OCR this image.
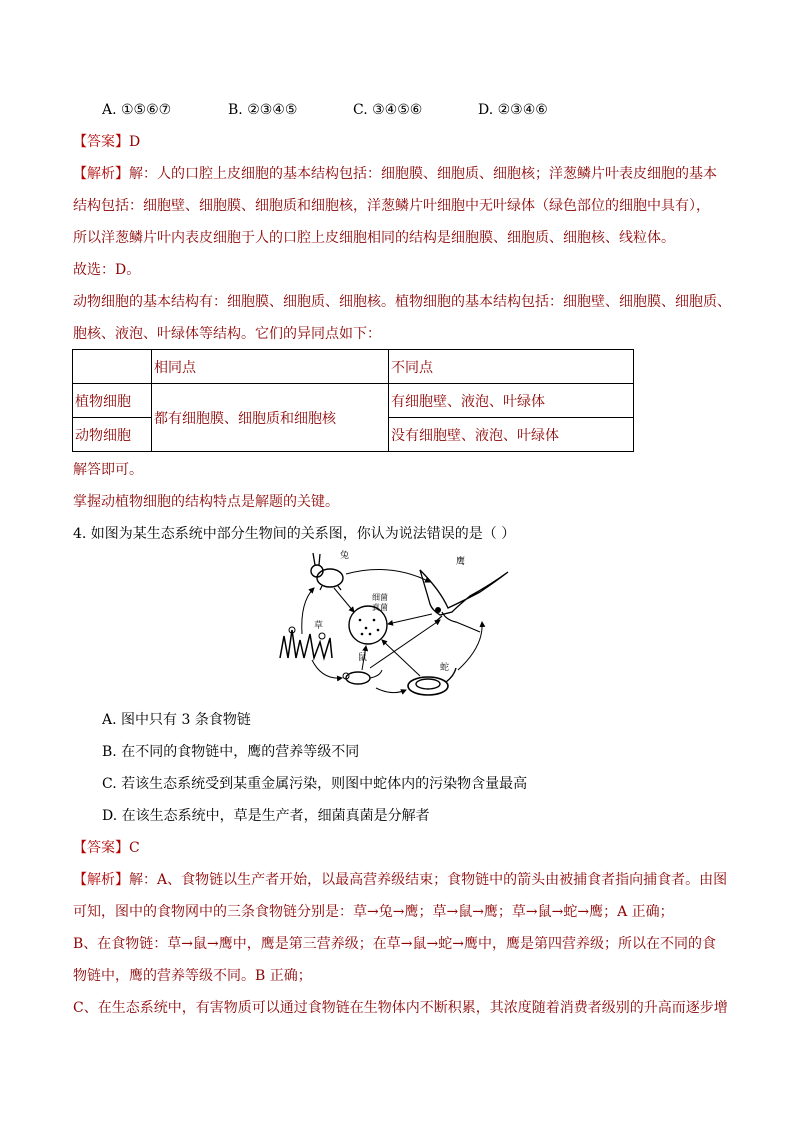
A. ①⑤⑥⑦	B. ②③④⑤	C. ③④⑤⑥	D. ②③④⑥
【答案】D
【解析】解：人的口腔上皮细胞的基本结构包括：细胞膜、细胞质、细胞核；洋葱鳞片叶表皮细胞的基本
结构包括：细胞壁、细胞膜、细胞质和细胞核，洋葱鳞片叶细胞中无叶绿体（绿色部位的细胞中具有），
所以洋葱鳞片叶内表皮细胞于人的口腔上皮细胞相同的结构是细胞膜、细胞质、细胞核、线粒体。
故选：D。
动物细胞的基本结构有：细胞膜、细胞质、细胞核。植物细胞的基本结构包括：细胞壁、细胞膜、细胞质、
胞核、液泡、叶绿体等结构。它们的异同点如下：
	相同点	不同点
植物细胞	都有细胞膜、细胞质和细胞核	有细胞壁、液泡、叶绿体
动物细胞		没有细胞壁、液泡、叶绿体
解答即可。
掌握动植物细胞的结构特点是解题的关键。
4. 如图为某生态系统中部分生物间的关系图，你认为说法错误的是（ ）
兔
鹰
细菌
真菌
草
鼠
蛇
A. 图中只有 3 条食物链
B. 在不同的食物链中，鹰的营养等级不同
C. 若该生态系统受到某重金属污染，则图中蛇体内的污染物含量最高
D. 在该生态系统中，草是生产者，细菌真菌是分解者
【答案】C
【解析】解：A、食物链以生产者开始，以最高营养级结束；食物链中的箭头由被捕食者指向捕食者。由图
可知，图中的食物网中的三条食物链分别是：草→兔→鹰；草→鼠→鹰；草→鼠→蛇→鹰；A 正确；
B、在食物链：草→鼠→鹰中，鹰是第三营养级；在草→鼠→蛇→鹰中，鹰是第四营养级；所以在不同的食
物链中，鹰的营养等级不同。B 正确；
C、在生态系统中，有害物质可以通过食物链在生物体内不断积累，其浓度随着消费者级别的升高而逐步增
